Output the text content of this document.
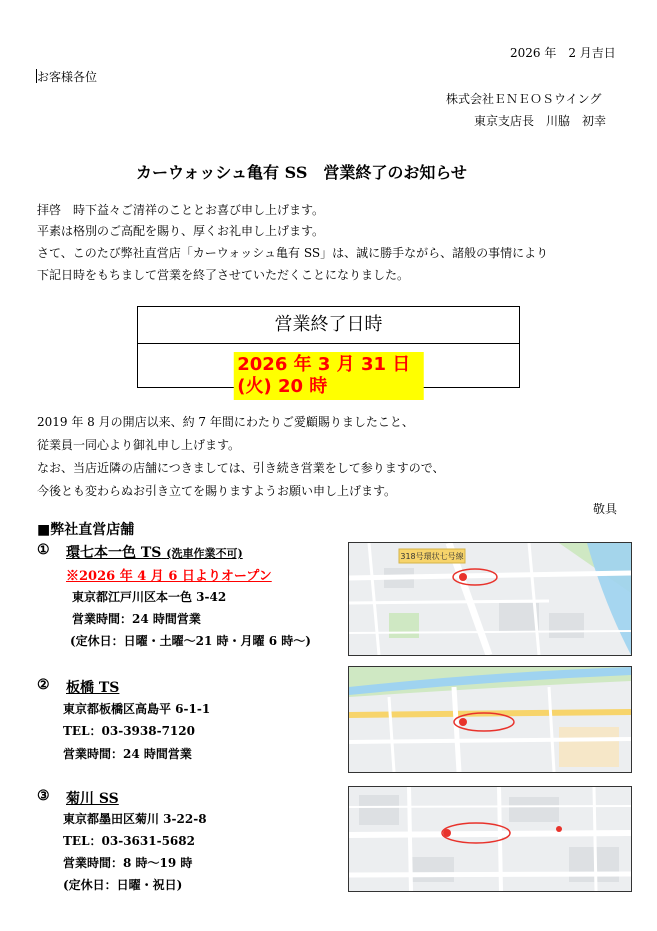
2026 年　2 月吉日
お客様各位
株式会社ＥＮＥＯＳウイング
東京支店長　川脇　初幸
カーウォッシュ亀有 SS　営業終了のお知らせ
拝啓　時下益々ご清祥のこととお喜び申し上げます。
平素は格別のご高配を賜り、厚くお礼申し上げます。
さて、このたび弊社直営店「カーウォッシュ亀有 SS」は、誠に勝手ながら、諸般の事情により
下記日時をもちまして営業を終了させていただくことになりました。
営業終了日時
2026 年 3 月 31 日(火) 20 時
2019 年 8 月の開店以来、約 7 年間にわたりご愛顧賜りましたこと、
従業員一同心より御礼申し上げます。
なお、当店近隣の店舗につきましては、引き続き営業をして参りますので、
今後とも変わらぬお引き立てを賜りますようお願い申し上げます。
敬具
■弊社直営店舗
① 環七本一色 TS (洗車作業不可)
※2026 年 4 月 6 日よりオープン
東京都江戸川区本一色 3-42
営業時間：24 時間営業
(定休日：日曜・土曜〜21 時・月曜 6 時〜)
318号環状七号線
② 板橋 TS
東京都板橋区高島平 6-1-1
TEL：03-3938-7120
営業時間：24 時間営業
③ 菊川 SS
東京都墨田区菊川 3-22-8
TEL：03-3631-5682
営業時間：8 時〜19 時
(定休日：日曜・祝日)
